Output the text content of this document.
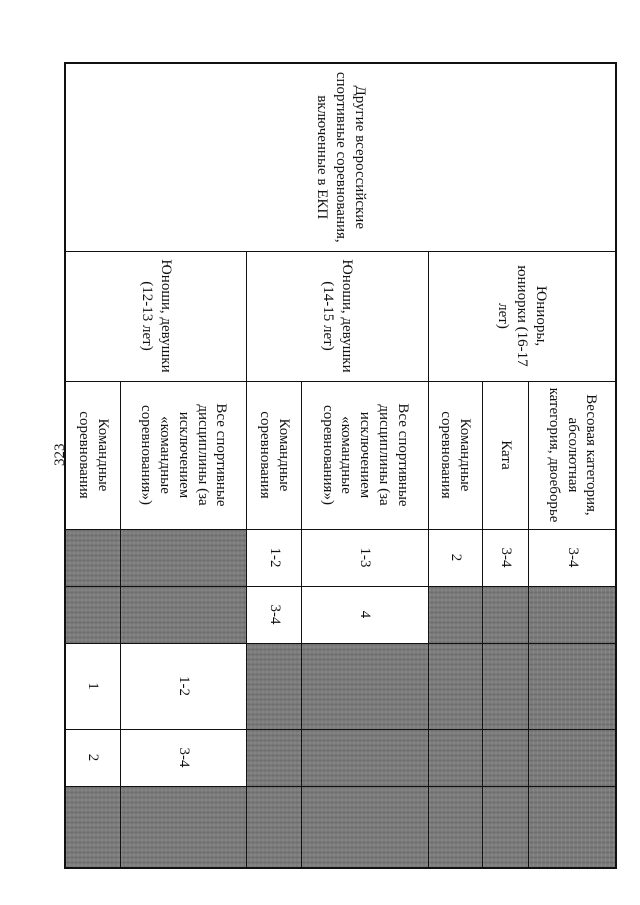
323
Другие всероссийские спортивные соревнования, включенные в ЕКП	Юниоры, юниорки (16-17 лет)	Весовая категория, абсолютная категория, двоеборье	3-4				
		Ката	3-4				
		Командные соревнования	2				
	Юноши, девушки (14-15 лет)	Все спортивные дисциплины (за исключением «командные соревнования»)	1-3	4			
		Командные соревнования	1-2	3-4			
	Юноши, девушки (12-13 лет)	Все спортивные дисциплины (за исключением «командные соревнования»)			1-2	3-4	
		Командные соревнования			1	2	
